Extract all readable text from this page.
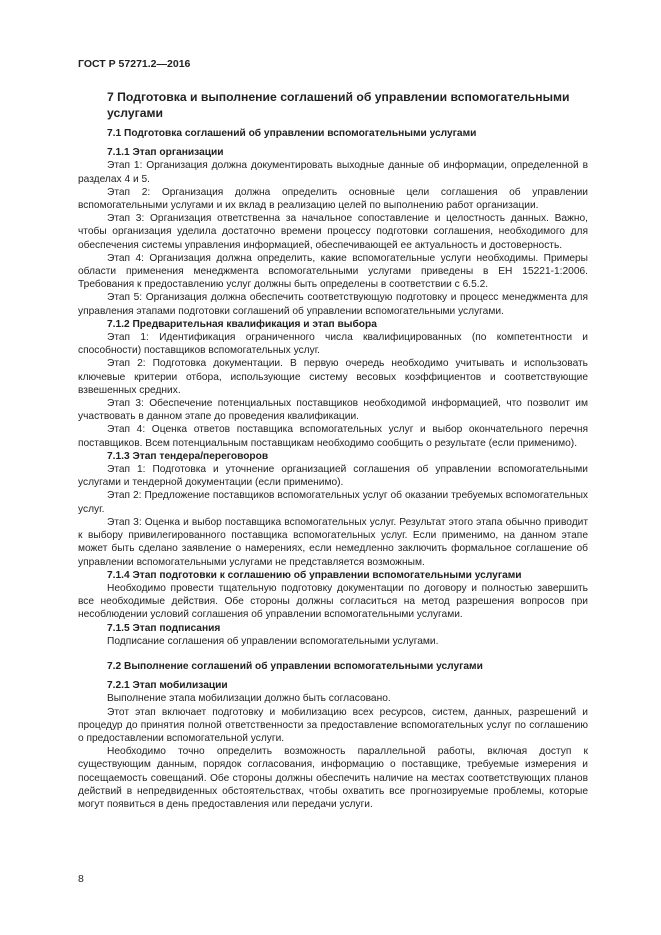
ГОСТ Р 57271.2—2016
7 Подготовка и выполнение соглашений об управлении вспомогательными услугами
7.1 Подготовка соглашений об управлении вспомогательными услугами
7.1.1 Этап организации

Этап 1: Организация должна документировать выходные данные об информации, определенной в разделах 4 и 5.

Этап 2: Организация должна определить основные цели соглашения об управлении вспомогательными услугами и их вклад в реализацию целей по выполнению работ организации.

Этап 3: Организация ответственна за начальное сопоставление и целостность данных. Важно, чтобы организация уделила достаточно времени процессу подготовки соглашения, необходимого для обеспечения системы управления информацией, обеспечивающей ее актуальность и достоверность.

Этап 4: Организация должна определить, какие вспомогательные услуги необходимы. Примеры области применения менеджмента вспомогательными услугами приведены в ЕН 15221-1:2006. Требования к предоставлению услуг должны быть определены в соответствии с 6.5.2.

Этап 5: Организация должна обеспечить соответствующую подготовку и процесс менеджмента для управления этапами подготовки соглашений об управлении вспомогательными услугами.

7.1.2 Предварительная квалификация и этап выбора

Этап 1: Идентификация ограниченного числа квалифицированных (по компетентности и способности) поставщиков вспомогательных услуг.

Этап 2: Подготовка документации. В первую очередь необходимо учитывать и использовать ключевые критерии отбора, использующие систему весовых коэффициентов и соответствующие взвешенных средних.

Этап 3: Обеспечение потенциальных поставщиков необходимой информацией, что позволит им участвовать в данном этапе до проведения квалификации.

Этап 4: Оценка ответов поставщика вспомогательных услуг и выбор окончательного перечня поставщиков. Всем потенциальным поставщикам необходимо сообщить о результате (если применимо).

7.1.3 Этап тендера/переговоров

Этап 1: Подготовка и уточнение организацией соглашения об управлении вспомогательными услугами и тендерной документации (если применимо).

Этап 2: Предложение поставщиков вспомогательных услуг об оказании требуемых вспомогательных услуг.

Этап 3: Оценка и выбор поставщика вспомогательных услуг. Результат этого этапа обычно приводит к выбору привилегированного поставщика вспомогательных услуг. Если применимо, на данном этапе может быть сделано заявление о намерениях, если немедленно заключить формальное соглашение об управлении вспомогательными услугами не представляется возможным.

7.1.4 Этап подготовки к соглашению об управлении вспомогательными услугами

Необходимо провести тщательную подготовку документации по договору и полностью завершить все необходимые действия. Обе стороны должны согласиться на метод разрешения вопросов при несоблюдении условий соглашения об управлении вспомогательными услугами.

7.1.5 Этап подписания

Подписание соглашения об управлении вспомогательными услугами.

7.2 Выполнение соглашений об управлении вспомогательными услугами
7.2.1 Этап мобилизации

Выполнение этапа мобилизации должно быть согласовано.

Этот этап включает подготовку и мобилизацию всех ресурсов, систем, данных, разрешений и процедур до принятия полной ответственности за предоставление вспомогательных услуг по соглашению о предоставлении вспомогательной услуги.

Необходимо точно определить возможность параллельной работы, включая доступ к существующим данным, порядок согласования, информацию о поставщике, требуемые измерения и посещаемость совещаний. Обе стороны должны обеспечить наличие на местах соответствующих планов действий в непредвиденных обстоятельствах, чтобы охватить все прогнозируемые проблемы, которые могут появиться в день предоставления или передачи услуги.

8
